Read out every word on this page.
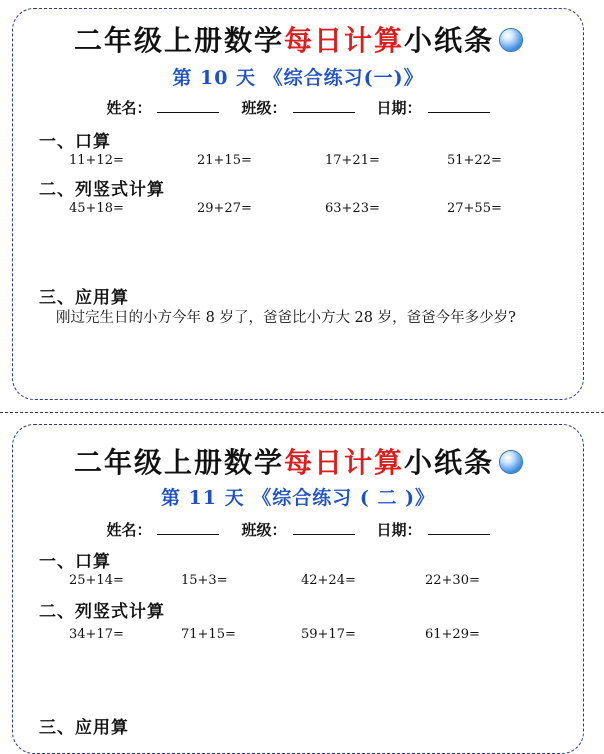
二年级上册数学每日计算小纸条
第 10 天 《综合练习(一)》
姓名：	班级：	日期：
一、口算
11+12=	21+15=	17+21=	51+22=
二、列竖式计算
45+18=	29+27=	63+23=	27+55=
三、应用算
刚过完生日的小方今年 8 岁了，爸爸比小方大 28 岁，爸爸今年多少岁?
二年级上册数学每日计算小纸条
第 11 天 《综合练习 ( 二 )》
姓名：	班级：	日期：
一、口算
25+14=	15+3=	42+24=	22+30=
二、列竖式计算
34+17=	71+15=	59+17=	61+29=
三、应用算
